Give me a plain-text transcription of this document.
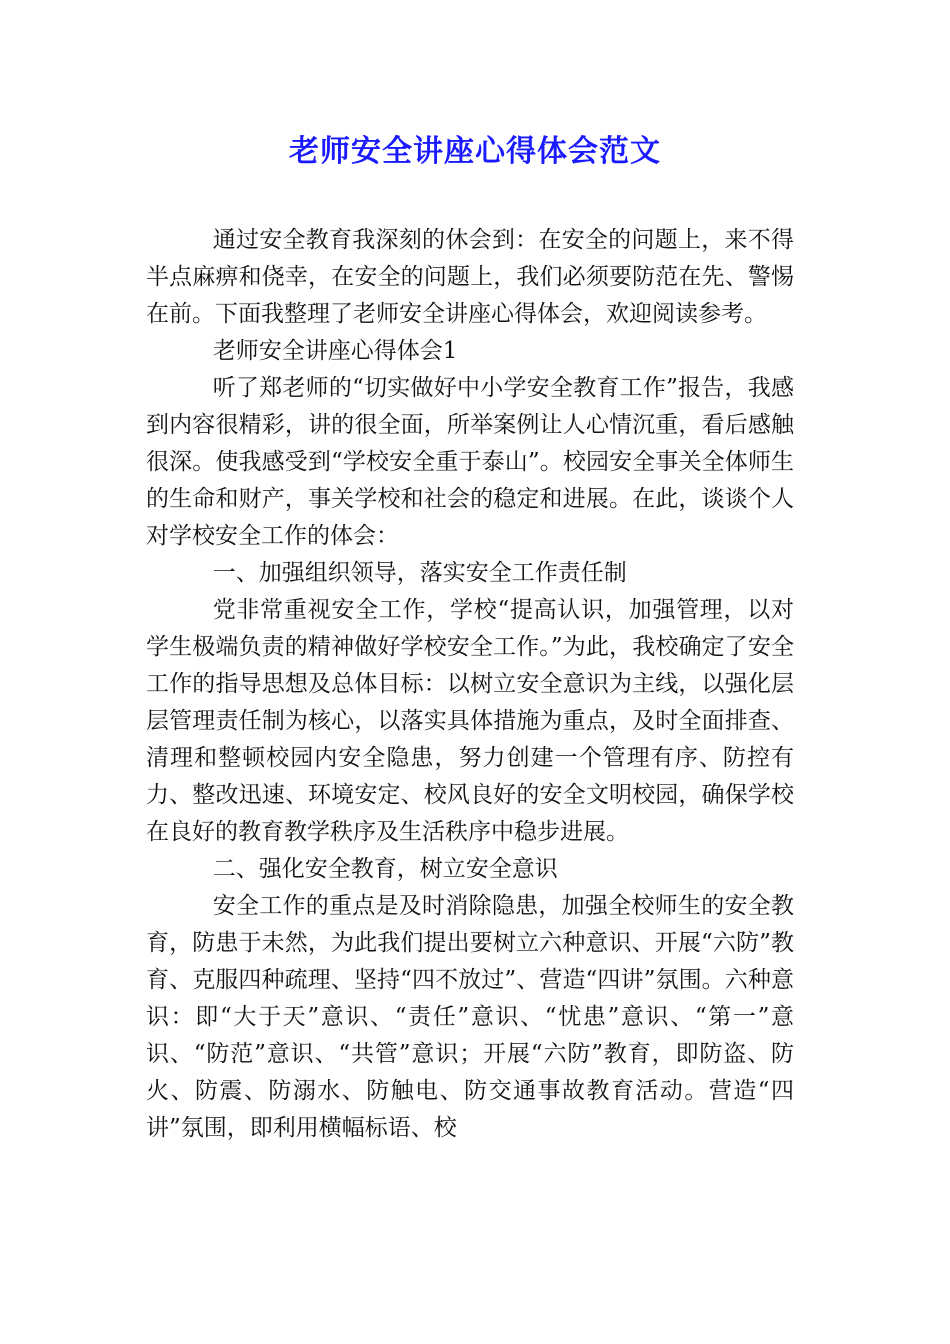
老师安全讲座心得体会范文

通过安全教育我深刻的休会到：在安全的问题上，来不得半点麻痹和侥幸，在安全的问题上，我们必须要防范在先、警惕在前。下面我整理了老师安全讲座心得体会，欢迎阅读参考。

老师安全讲座心得体会1

听了郑老师的“切实做好中小学安全教育工作”报告，我感到内容很精彩，讲的很全面，所举案例让人心情沉重，看后感触很深。使我感受到“学校安全重于泰山”。校园安全事关全体师生的生命和财产，事关学校和社会的稳定和进展。在此，谈谈个人对学校安全工作的体会：

一、加强组织领导，落实安全工作责任制

党非常重视安全工作，学校“提高认识，加强管理，以对学生极端负责的精神做好学校安全工作。”为此，我校确定了安全工作的指导思想及总体目标：以树立安全意识为主线，以强化层层管理责任制为核心，以落实具体措施为重点，及时全面排查、清理和整顿校园内安全隐患，努力创建一个管理有序、防控有力、整改迅速、环境安定、校风良好的安全文明校园，确保学校在良好的教育教学秩序及生活秩序中稳步进展。

二、强化安全教育，树立安全意识

安全工作的重点是及时消除隐患，加强全校师生的安全教育，防患于未然，为此我们提出要树立六种意识、开展“六防”教育、克服四种疏理、坚持“四不放过”、营造“四讲”氛围。六种意识：即“大于天”意识、“责任”意识、“忧患”意识、“第一”意识、“防范”意识、“共管”意识；开展“六防”教育，即防盗、防火、防震、防溺水、防触电、防交通事故教育活动。营造“四讲”氛围，即利用横幅标语、校
